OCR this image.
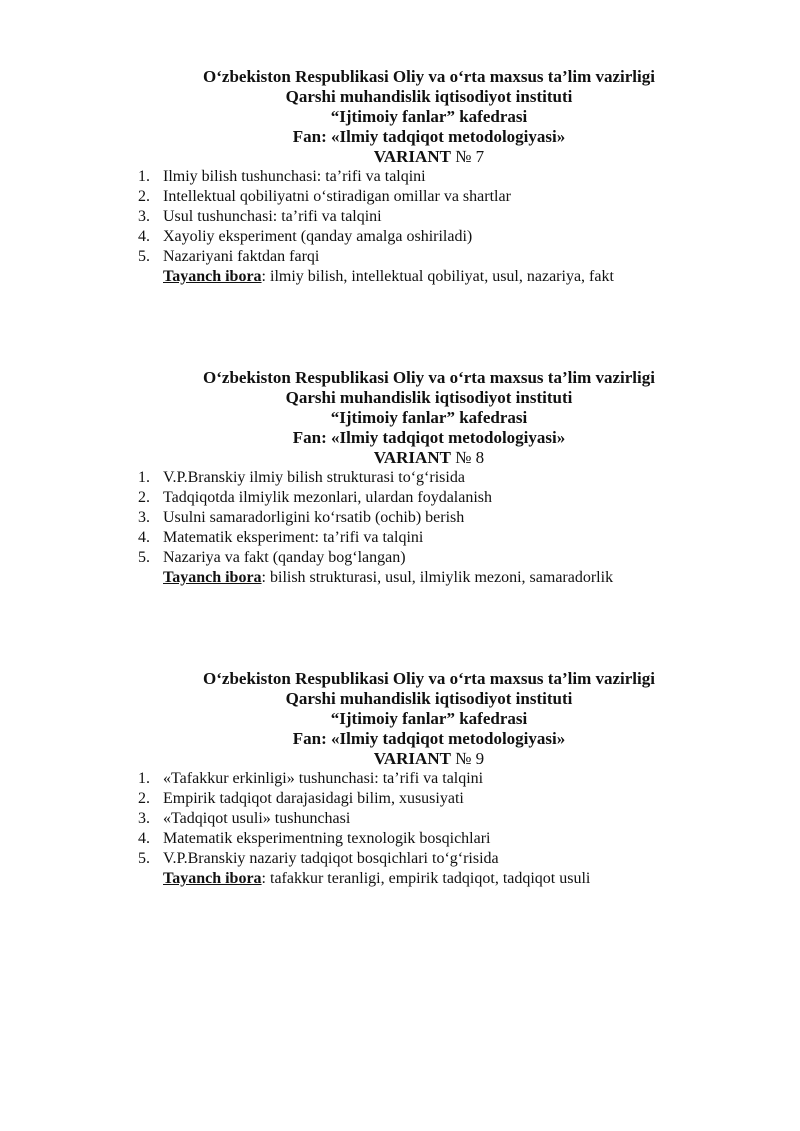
O‘zbekiston Respublikasi Oliy va o‘rta maxsus ta’lim vazirligi
Qarshi muhandislik iqtisodiyot instituti
“Ijtimoiy fanlar” kafedrasi
Fan: «Ilmiy tadqiqot metodologiyasi»
VARIANT № 7
1. Ilmiy bilish tushunchasi: ta’rifi va talqini
2. Intellektual qobiliyatni o‘stiradigan omillar va shartlar
3. Usul tushunchasi: ta’rifi va talqini
4. Xayoliy eksperiment (qanday amalga oshiriladi)
5. Nazariyani faktdan farqi
Tayanch ibora: ilmiy bilish, intellektual qobiliyat, usul, nazariya, fakt
O‘zbekiston Respublikasi Oliy va o‘rta maxsus ta’lim vazirligi
Qarshi muhandislik iqtisodiyot instituti
“Ijtimoiy fanlar” kafedrasi
Fan: «Ilmiy tadqiqot metodologiyasi»
VARIANT № 8
1. V.P.Branskiy ilmiy bilish strukturasi to‘g‘risida
2. Tadqiqotda ilmiylik mezonlari, ulardan foydalanish
3. Usulni samaradorligini ko‘rsatib (ochib) berish
4. Matematik eksperiment: ta’rifi va talqini
5. Nazariya va fakt (qanday bog‘langan)
Tayanch ibora: bilish strukturasi, usul, ilmiylik mezoni, samaradorlik
O‘zbekiston Respublikasi Oliy va o‘rta maxsus ta’lim vazirligi
Qarshi muhandislik iqtisodiyot instituti
“Ijtimoiy fanlar” kafedrasi
Fan: «Ilmiy tadqiqot metodologiyasi»
VARIANT № 9
1. «Tafakkur erkinligi» tushunchasi: ta’rifi va talqini
2. Empirik tadqiqot darajasidagi bilim, xususiyati
3. «Tadqiqot usuli» tushunchasi
4. Matematik eksperimentning texnologik bosqichlari
5. V.P.Branskiy nazariy tadqiqot bosqichlari to‘g‘risida
Tayanch ibora: tafakkur teranligi, empirik tadqiqot, tadqiqot usuli
